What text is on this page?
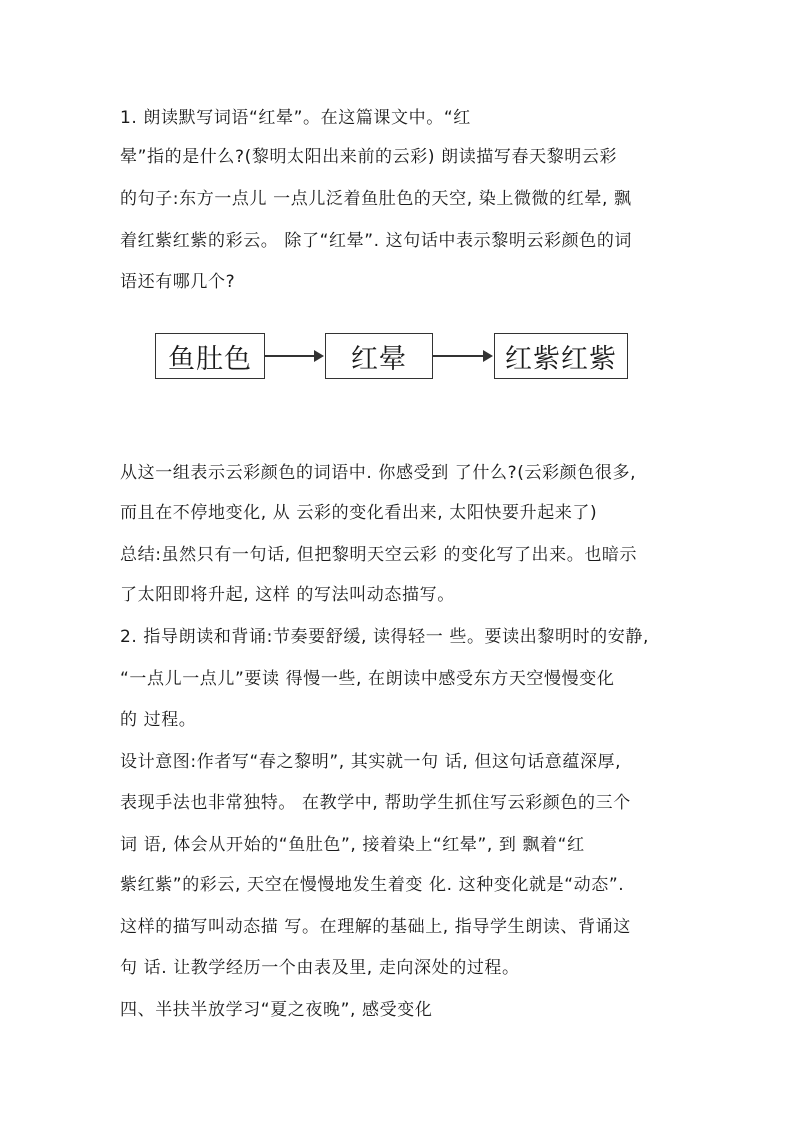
1. 朗读默写词语“红晕”。在这篇课文中。“红
晕”指的是什么?(黎明太阳出来前的云彩) 朗读描写春天黎明云彩
的句子:东方一点儿 一点儿泛着鱼肚色的天空, 染上微微的红晕, 飘
着红紫红紫的彩云。 除了“红晕”. 这句话中表示黎明云彩颜色的词
语还有哪几个?
鱼肚色	红晕	红紫红紫
从这一组表示云彩颜色的词语中. 你感受到 了什么?(云彩颜色很多,
而且在不停地变化, 从 云彩的变化看出来, 太阳快要升起来了)
总结:虽然只有一句话, 但把黎明天空云彩 的变化写了出来。也暗示
了太阳即将升起, 这样 的写法叫动态描写。
2. 指导朗读和背诵:节奏要舒缓, 读得轻一 些。要读出黎明时的安静,
“一点儿一点儿”要读 得慢一些, 在朗读中感受东方天空慢慢变化
的 过程。
设计意图:作者写“春之黎明”, 其实就一句 话, 但这句话意蕴深厚,
表现手法也非常独特。 在教学中, 帮助学生抓住写云彩颜色的三个
词 语, 体会从开始的“鱼肚色”, 接着染上“红晕”, 到 飘着“红
紫红紫”的彩云, 天空在慢慢地发生着变 化. 这种变化就是“动态”.
这样的描写叫动态描 写。在理解的基础上, 指导学生朗读、背诵这
句 话. 让教学经历一个由表及里, 走向深处的过程。
四、半扶半放学习“夏之夜晚”, 感受变化
